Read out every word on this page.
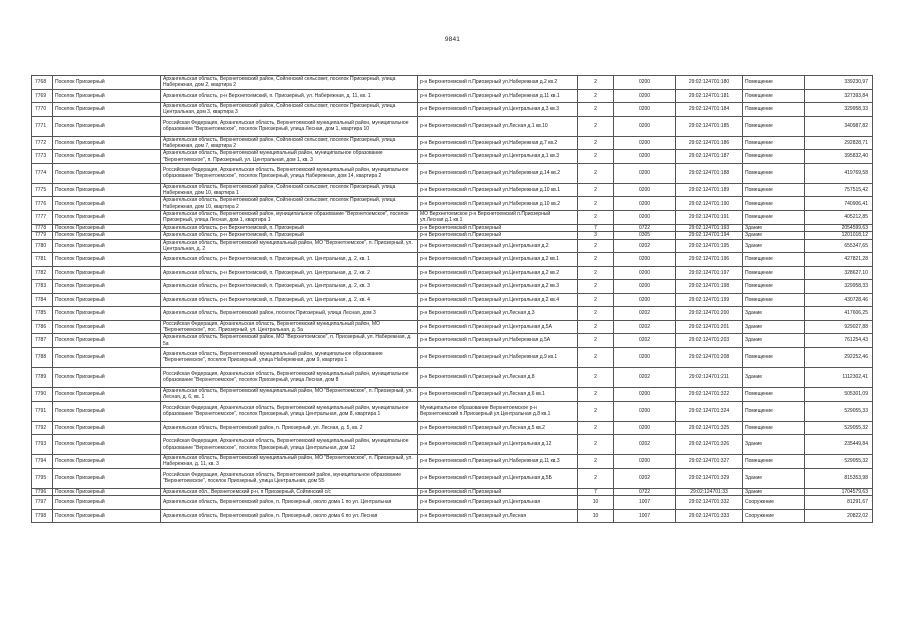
9841
7768	Поселок Приозерный	Архангельская область, Верхнетоемский район, Сойгинский сельсовет, поселок Приозерный, улица Набережная, дом 2, квартира 2	р-н Верхнетоемский п.Приозерный ул.Набережная д.2 кв.2	2	0200	29:02:124701:180	Помещение	339230,97
7769	Поселок Приозерный	Архангельская область, р-н Верхнетоемский, п. Приозерный, ул. Набережная, д. 11, кв. 1	р-н Верхнетоемский п.Приозерный ул.Набережная д.11 кв.1	2	0200	29:02:124701:181	Помещение	327393,84
7770	Поселок Приозерный	Архангельская область, Верхнетоемский район, Сойгинский сельсовет, поселок Приозерный, улица Центральная, дом 3, квартира 3	р-н Верхнетоемский п.Приозерный ул.Центральная д.3 кв.3	2	0200	29:02:124701:184	Помещение	329958,33
7771	Поселок Приозерный	Российская Федерация, Архангельская область, Верхнетоемский муниципальный район, муниципальное образование "Верхнетоемское", поселок Приозерный, улица Лесная, дом 1, квартира 10	р-н Верхнетоемский п.Приозерный ул.Лесная д.1 кв.10	2	0200	29:02:124701:185	Помещение	340987,82
7772	Поселок Приозерный	Архангельская область, Верхнетоемский район, Сойгинский сельсовет, поселок Приозерный, улица Набережная, дом 7, квартира 2	р-н Верхнетоемский п.Приозерный ул.Набережная д.7 кв.2	2	0200	29:02:124701:186	Помещение	292828,71
7773	Поселок Приозерный	Архангельская область, Верхнетоемский муниципальный район, муниципальное образование "Верхнетоемское", п. Приозерный, ул. Центральная, дом 1, кв. 3	р-н Верхнетоемский п.Приозерный ул.Центральная д.1 кв.3	2	0200	29:02:124701:187	Помещение	395832,40
7774	Поселок Приозерный	Российская Федерация, Архангельская область, Верхнетоемский муниципальный район, муниципальное образование "Верхнетоемское", поселок Приозерный, улица Набережная, дом 14, квартира 2	р-н Верхнетоемский п.Приозерный ул.Набережная д.14 кв.2	2	0200	29:02:124701:188	Помещение	419769,58
7775	Поселок Приозерный	Архангельская область, Верхнетоемский район, Сойгинский сельсовет, поселок Приозерный, улица Набережная, дом 10, квартира 1	р-н Верхнетоемский п.Приозерный ул.Набережная д.10 кв.1	2	0200	29:02:124701:189	Помещение	757515,42
7776	Поселок Приозерный	Архангельская область, Верхнетоемский район, Сойгинский сельсовет, поселок Приозерный, улица Набережная, дом 10, квартира 2	р-н Верхнетоемский п.Приозерный ул.Набережная д.10 кв.2	2	0200	29:02:124701:190	Помещение	740906,41
7777	Поселок Приозерный	Архангельская область, Верхнетоемский район, муниципальное образование "Верхнетоемское", поселок Приозерный, улица Лесная, дом 1, квартира 1	МО Верхнетоемское р-н Верхнетоемский п.Приозерный ул.Лесная д.1 кв.1	2	0200	29:02:124701:191	Помещение	405212,85
7778	Поселок Приозерный	Архангельская область, р-н Верхнетоемский, п. Приозерный	р-н Верхнетоемский п.Приозерный	7	0722	29:02:124701:193	Здание	2054599,63
7779	Поселок Приозерный	Архангельская область, р-н Верхнетоемский, п. Приозерный	р-н Верхнетоемский п.Приозерный	3	0305	29:02:124701:194	Здание	1201018,12
7780	Поселок Приозерный	Архангельская область, Верхнетоемский муниципальный район, МО "Верхнетоемское", п. Приозерный, ул. Центральная, д. 2	р-н Верхнетоемский п.Приозерный ул.Центральная д.2	2	0202	29:02:124701:195	Здание	655347,65
7781	Поселок Приозерный	Архангельская область, р-н Верхнетоемский, п. Приозерный, ул. Центральная, д. 2, кв. 1	р-н Верхнетоемский п.Приозерный ул.Центральная д.2 кв.1	2	0200	29:02:124701:196	Помещение	427821,28
7782	Поселок Приозерный	Архангельская область, р-н Верхнетоемский, п. Приозерный, ул. Центральная, д. 2, кв. 2	р-н Верхнетоемский п.Приозерный ул.Центральная д.2 кв.2	2	0200	29:02:124701:197	Помещение	328627,10
7783	Поселок Приозерный	Архангельская область, р-н Верхнетоемский, п. Приозерный, ул. Центральная, д. 2, кв. 3	р-н Верхнетоемский п.Приозерный ул.Центральная д.2 кв.3	2	0200	29:02:124701:198	Помещение	329958,33
7784	Поселок Приозерный	Архангельская область, р-н Верхнетоемский, п. Приозерный, ул. Центральная, д. 2, кв. 4	р-н Верхнетоемский п.Приозерный ул.Центральная д.2 кв.4	2	0200	29:02:124701:199	Помещение	430728,46
7785	Поселок Приозерный	Архангельская область, Верхнетоемский район, поселок Приозерный, улица Лесная, дом 3	р-н Верхнетоемский п.Приозерный ул.Лесная д.3	2	0202	29:02:124701:200	Здание	417606,25
7786	Поселок Приозерный	Российская Федерация, Архангельская область, Верхнетоемский муниципальный район, МО "Верхнетоемское", пос. Приозерный, ул. Центральная, д. 5а	р-н Верхнетоемский п.Приозерный ул.Центральная д.5А	2	0202	29:02:124701:201	Здание	929027,88
7787	Поселок Приозерный	Архангельская область, Верхнетоемский район, МО "Верхнетоемское", п. Приозерный, ул. Набережная, д. 5а	р-н Верхнетоемский п.Приозерный ул.Набережная д.5А	2	0202	29:02:124701:203	Здание	761254,43
7788	Поселок Приозерный	Архангельская область, Верхнетоемский муниципальный район, муниципальное образование "Верхнетоемское", поселок Приозерный, улица Набережная, дом 9, квартира 1	р-н Верхнетоемский п.Приозерный ул.Набережная д.9 кв.1	2	0200	29:02:124701:208	Помещение	292252,46
7789	Поселок Приозерный	Российская Федерация, Архангельская область, Верхнетоемский муниципальный район, муниципальное образование "Верхнетоемское", поселок Приозерный, улица Лесная, дом 8	р-н Верхнетоемский п.Приозерный ул.Лесная д.8	2	0202	29:02:124701:211	Здание	1112302,41
7790	Поселок Приозерный	Архангельская область, Верхнетоемский муниципальный район, МО "Верхнетоемское", п. Приозерный, ул. Лесная, д. 6, кв. 1	р-н Верхнетоемский п.Приозерный ул.Лесная д.6 кв.1	2	0200	29:02:124701:322	Помещение	505301,09
7791	Поселок Приозерный	Российская Федерация, Архангельская область, Верхнетоемский муниципальный район, муниципальное образование "Верхнетоемское", поселок Приозерный, улица Центральная, дом 8, квартира 1	Муниципальное образование Верхнетоемское р-н Верхнетоемский п.Приозерный ул.Центральная д.8 кв.1	2	0200	29:02:124701:324	Помещение	529055,33
7792	Поселок Приозерный	Архангельская область, Верхнетоемский район, п. Приозерный, ул. Лесная, д. 5, кв. 2	р-н Верхнетоемский п.Приозерный ул.Лесная д.5 кв.2	2	0200	29:02:124701:325	Помещение	529055,32
7793	Поселок Приозерный	Российская Федерация, Архангельская область, Верхнетоемский муниципальный район, муниципальное образование "Верхнетоемское", поселок Приозерный, улица Центральная, дом 12	р-н Верхнетоемский п.Приозерный ул.Центральная д.12	2	0202	29:02:124701:326	Здание	235449,84
7794	Поселок Приозерный	Архангельская область, Верхнетоемский муниципальный район, МО "Верхнетоемское", п. Приозерный, ул. Набережная, д. 11, кв. 3	р-н Верхнетоемский п.Приозерный ул.Набережная д.11 кв.3	2	0200	29:02:124701:327	Помещение	529055,32
7795	Поселок Приозерный	Российская Федерация, Архангельская область, Верхнетоемский район, муниципальное образование "Верхнетоемское", поселок Приозерный, улица Центральная, дом 5Б	р-н Верхнетоемский п.Приозерный ул.Центральная д.5Б	2	0202	29:02:124701:329	Здание	815353,98
7796	Поселок Приозерный	Архангельская обл., Верхнетоемский р-н, п Приозерный, Сойгинский с/с	р-н Верхнетоемский п.Приозерный	7	0722	29:02:124701:33	Здание	1704579,63
7797	Поселок Приозерный	Архангельская область, Верхнетоемский район, п. Приозерный, около дома 1 по ул. Центральная	р-н Верхнетоемский п.Приозерный ул.Центральная	10	1007	29:02:124701:332	Сооружение	81291,67
7798	Поселок Приозерный	Архангельская область, Верхнетоемский район, п. Приозерный, около дома 6 по ул. Лесная	р-н Верхнетоемский п.Приозерный ул.Лесная	10	1007	29:02:124701:333	Сооружение	20822,02
